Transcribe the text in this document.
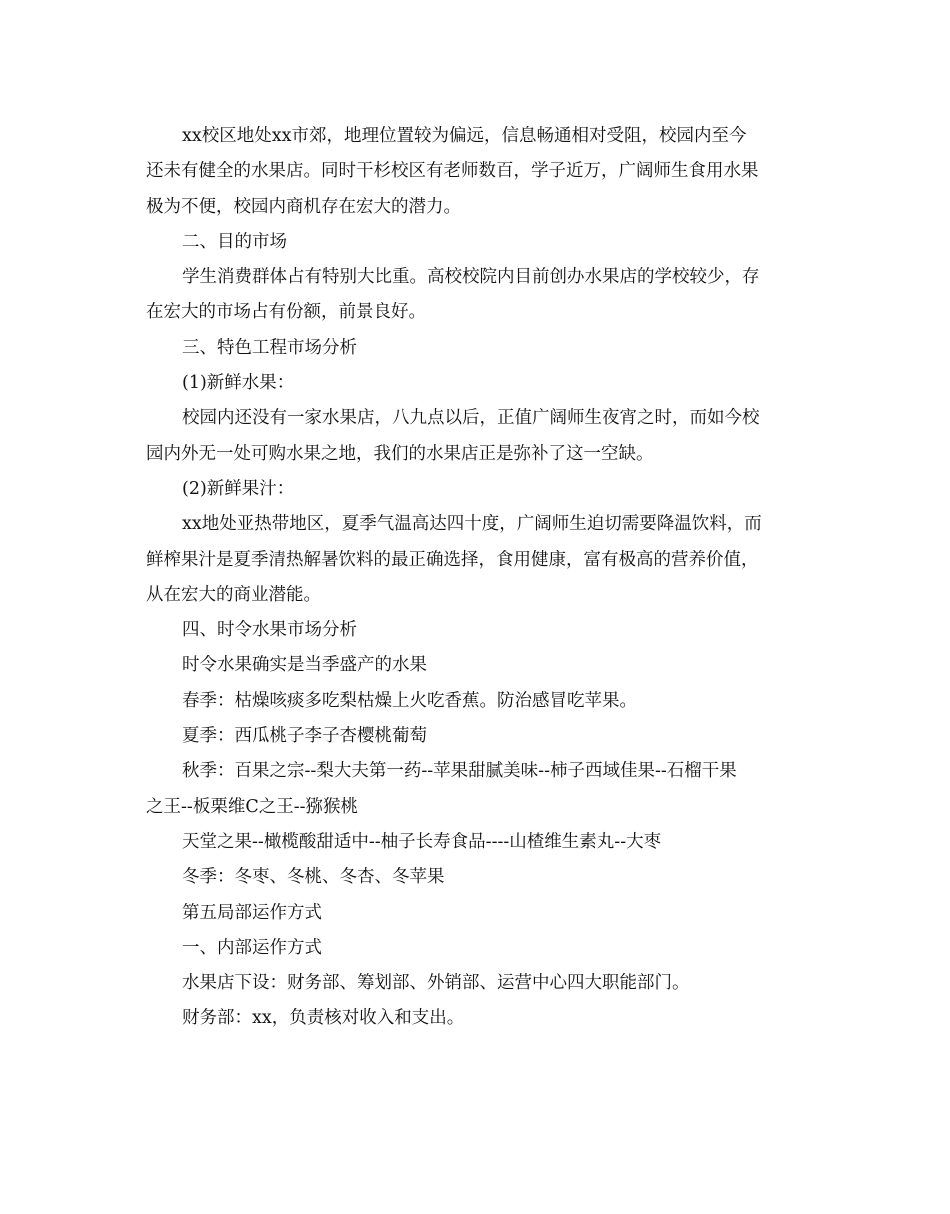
xx校区地处xx市郊，地理位置较为偏远，信息畅通相对受阻，校园内至今
还未有健全的水果店。同时干杉校区有老师数百，学子近万，广阔师生食用水果
极为不便，校园内商机存在宏大的潜力。

二、目的市场

学生消费群体占有特别大比重。高校校院内目前创办水果店的学校较少，存
在宏大的市场占有份额，前景良好。

三、特色工程市场分析

(1)新鲜水果：

校园内还没有一家水果店，八九点以后，正值广阔师生夜宵之时，而如今校
园内外无一处可购水果之地，我们的水果店正是弥补了这一空缺。

(2)新鲜果汁：

xx地处亚热带地区，夏季气温高达四十度，广阔师生迫切需要降温饮料，而
鲜榨果汁是夏季清热解暑饮料的最正确选择，食用健康，富有极高的营养价值，
从在宏大的商业潜能。

四、时令水果市场分析

时令水果确实是当季盛产的水果

春季：枯燥咳痰多吃梨枯燥上火吃香蕉。防治感冒吃苹果。

夏季：西瓜桃子李子杏樱桃葡萄

秋季：百果之宗--梨大夫第一药--苹果甜腻美味--柿子西域佳果--石榴干果
之王--板栗维C之王--猕猴桃

天堂之果--橄榄酸甜适中--柚子长寿食品----山楂维生素丸--大枣

冬季：冬枣、冬桃、冬杏、冬苹果

第五局部运作方式

一、内部运作方式

水果店下设：财务部、筹划部、外销部、运营中心四大职能部门。

财务部：xx，负责核对收入和支出。
